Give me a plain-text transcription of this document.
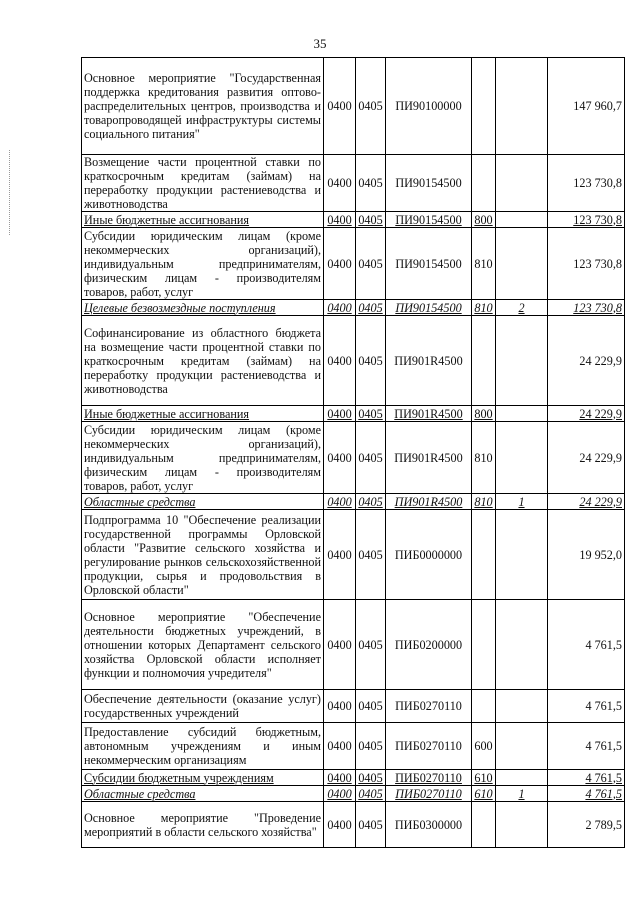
35
Основное мероприятие "Государственная поддержка кредитования развития оптово-распределительных центров, производства и товаропроводящей инфраструктуры системы социального питания"	0400	0405	ПИ90100000			147 960,7
Возмещение части процентной ставки по краткосрочным кредитам (займам) на переработку продукции растениеводства и животноводства	0400	0405	ПИ90154500			123 730,8
Иные бюджетные ассигнования	0400	0405	ПИ90154500	800		123 730,8
Субсидии юридическим лицам (кроме некоммерческих организаций), индивидуальным предпринимателям, физическим лицам - производителям товаров, работ, услуг	0400	0405	ПИ90154500	810		123 730,8
Целевые безвозмездные поступления	0400	0405	ПИ90154500	810	2	123 730,8
Софинансирование из областного бюджета на возмещение части процентной ставки по краткосрочным кредитам (займам) на переработку продукции растениеводства и животноводства	0400	0405	ПИ901R4500			24 229,9
Иные бюджетные ассигнования	0400	0405	ПИ901R4500	800		24 229,9
Субсидии юридическим лицам (кроме некоммерческих организаций), индивидуальным предпринимателям, физическим лицам - производителям товаров, работ, услуг	0400	0405	ПИ901R4500	810		24 229,9
Областные средства	0400	0405	ПИ901R4500	810	1	24 229,9
Подпрограмма 10 "Обеспечение реализации государственной программы Орловской области "Развитие сельского хозяйства и регулирование рынков сельскохозяйственной продукции, сырья и продовольствия в Орловской области"	0400	0405	ПИБ0000000			19 952,0
Основное мероприятие "Обеспечение деятельности бюджетных учреждений, в отношении которых Департамент сельского хозяйства Орловской области исполняет функции и полномочия учредителя"	0400	0405	ПИБ0200000			4 761,5
Обеспечение деятельности (оказание услуг) государственных учреждений	0400	0405	ПИБ0270110			4 761,5
Предоставление субсидий бюджетным, автономным учреждениям и иным некоммерческим организациям	0400	0405	ПИБ0270110	600		4 761,5
Субсидии бюджетным учреждениям	0400	0405	ПИБ0270110	610		4 761,5
Областные средства	0400	0405	ПИБ0270110	610	1	4 761,5
Основное мероприятие "Проведение мероприятий в области сельского хозяйства"	0400	0405	ПИБ0300000			2 789,5
